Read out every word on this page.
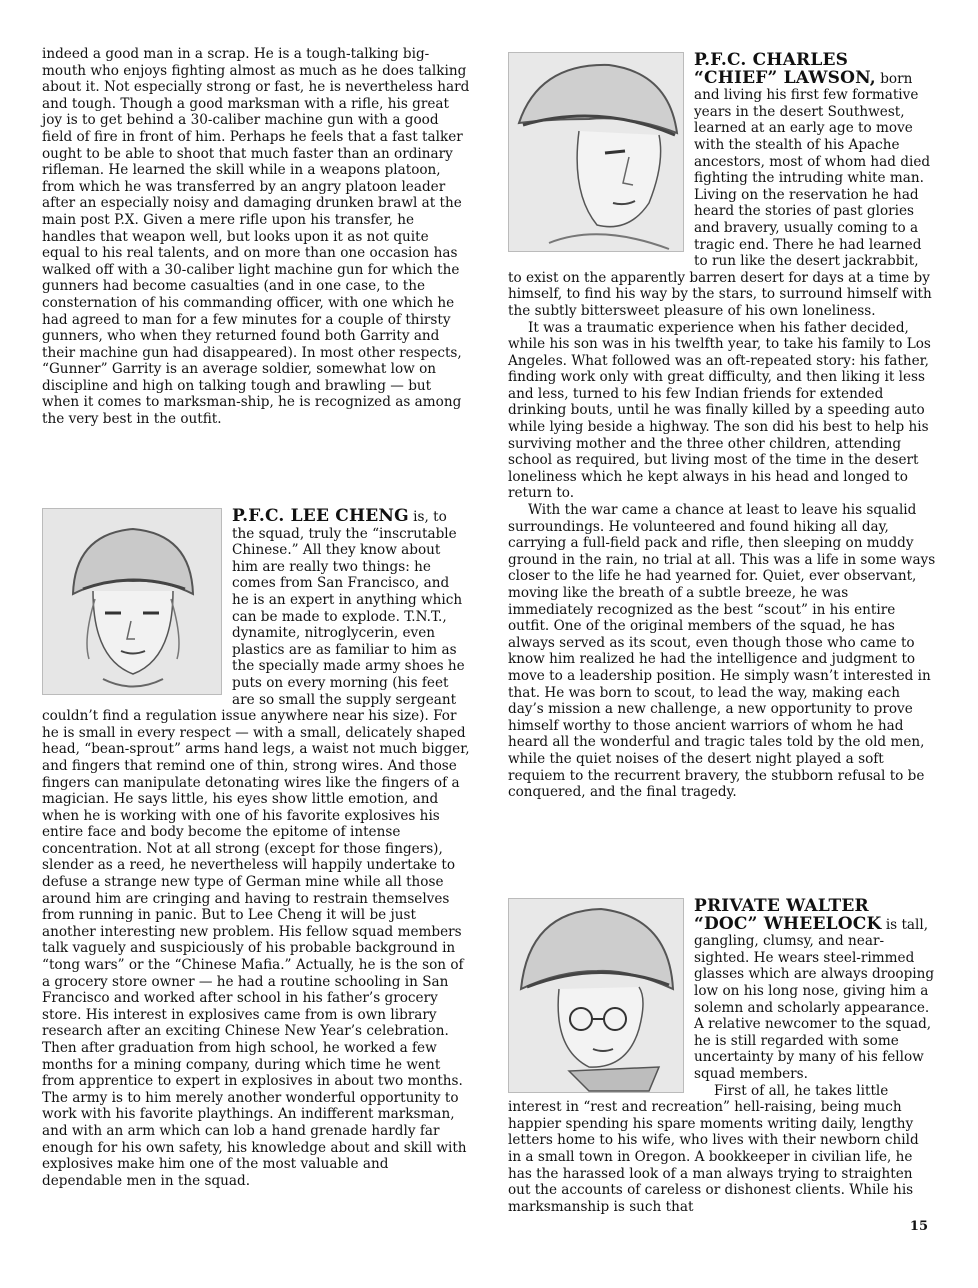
indeed a good man in a scrap. He is a tough-talking big-mouth who enjoys fighting almost as much as he does talking about it. Not especially strong or fast, he is nevertheless hard and tough. Though a good marksman with a rifle, his great joy is to get behind a 30-caliber machine gun with a good field of fire in front of him. Perhaps he feels that a fast talker ought to be able to shoot that much faster than an ordinary rifleman. He learned the skill while in a weapons platoon, from which he was transferred by an angry platoon leader after an especially noisy and damaging drunken brawl at the main post P.X. Given a mere rifle upon his transfer, he handles that weapon well, but looks upon it as not quite equal to his real talents, and on more than one occasion has walked off with a 30-caliber light machine gun for which the gunners had become casualties (and in one case, to the consternation of his commanding officer, with one which he had agreed to man for a few minutes for a couple of thirsty gunners, who when they returned found both Garrity and their machine gun had disappeared). In most other respects, “Gunner” Garrity is an average soldier, somewhat low on discipline and high on talking tough and brawling — but when it comes to marksman-ship, he is recognized as among the very best in the outfit.

P.F.C. LEE CHENG is, to the squad, truly the “inscrutable Chinese.” All they know about him are really two things: he comes from San Francisco, and he is an expert in anything which can be made to explode. T.N.T., dynamite, nitroglycerin, even plastics are as familiar to him as the specially made army shoes he puts on every morning (his feet are so small the supply sergeant couldn’t find a regulation issue anywhere near his size). For he is small in every respect — with a small, delicately shaped head, “bean-sprout” arms hand legs, a waist not much bigger, and fingers that remind one of thin, strong wires. And those fingers can manipulate detonating wires like the fingers of a magician. He says little, his eyes show little emotion, and when he is working with one of his favorite explosives his entire face and body become the epitome of intense concentration. Not at all strong (except for those fingers), slender as a reed, he nevertheless will happily undertake to defuse a strange new type of German mine while all those around him are cringing and having to restrain themselves from running in panic. But to Lee Cheng it will be just another interesting new problem. His fellow squad members talk vaguely and suspiciously of his probable background in “tong wars” or the “Chinese Mafia.” Actually, he is the son of a grocery store owner — he had a routine schooling in San Francisco and worked after school in his father’s grocery store. His interest in explosives came from is own library research after an exciting Chinese New Year’s celebration. Then after graduation from high school, he worked a few months for a mining company, during which time he went from apprentice to expert in explosives in about two months. The army is to him merely another wonderful opportunity to work with his favorite playthings. An indifferent marksman, and with an arm which can lob a hand grenade hardly far enough for his own safety, his knowledge about and skill with explosives make him one of the most valuable and dependable men in the squad.

P.F.C. CHARLES “CHIEF” LAWSON, born and living his first few formative years in the desert Southwest, learned at an early age to move with the stealth of his Apache ancestors, most of whom had died fighting the intruding white man. Living on the reservation he had heard the stories of past glories and bravery, usually coming to a tragic end. There he had learned to run like the desert jackrabbit, to exist on the apparently barren desert for days at a time by himself, to find his way by the stars, to surround himself with the subtly bittersweet pleasure of his own loneliness.

It was a traumatic experience when his father decided, while his son was in his twelfth year, to take his family to Los Angeles. What followed was an oft-repeated story: his father, finding work only with great difficulty, and then liking it less and less, turned to his few Indian friends for extended drinking bouts, until he was finally killed by a speeding auto while lying beside a highway. The son did his best to help his surviving mother and the three other children, attending school as required, but living most of the time in the desert loneliness which he kept always in his head and longed to return to.

With the war came a chance at least to leave his squalid surroundings. He volunteered and found hiking all day, carrying a full-field pack and rifle, then sleeping on muddy ground in the rain, no trial at all. This was a life in some ways closer to the life he had yearned for. Quiet, ever observant, moving like the breath of a subtle breeze, he was immediately recognized as the best “scout” in his entire outfit. One of the original members of the squad, he has always served as its scout, even though those who came to know him realized he had the intelligence and judgment to move to a leadership position. He simply wasn’t interested in that. He was born to scout, to lead the way, making each day’s mission a new challenge, a new opportunity to prove himself worthy to those ancient warriors of whom he had heard all the wonderful and tragic tales told by the old men, while the quiet noises of the desert night played a soft requiem to the recurrent bravery, the stubborn refusal to be conquered, and the final tragedy.

PRIVATE WALTER “DOC” WHEELOCK is tall, gangling, clumsy, and near-sighted. He wears steel-rimmed glasses which are always drooping low on his long nose, giving him a solemn and scholarly appearance. A relative newcomer to the squad, he is still regarded with some uncertainty by many of his fellow squad members.

First of all, he takes little interest in “rest and recreation” hell-raising, being much happier spending his spare moments writing daily, lengthy letters home to his wife, who lives with their newborn child in a small town in Oregon. A bookkeeper in civilian life, he has the harassed look of a man always trying to straighten out the accounts of careless or dishonest clients. While his marksmanship is such that

15
